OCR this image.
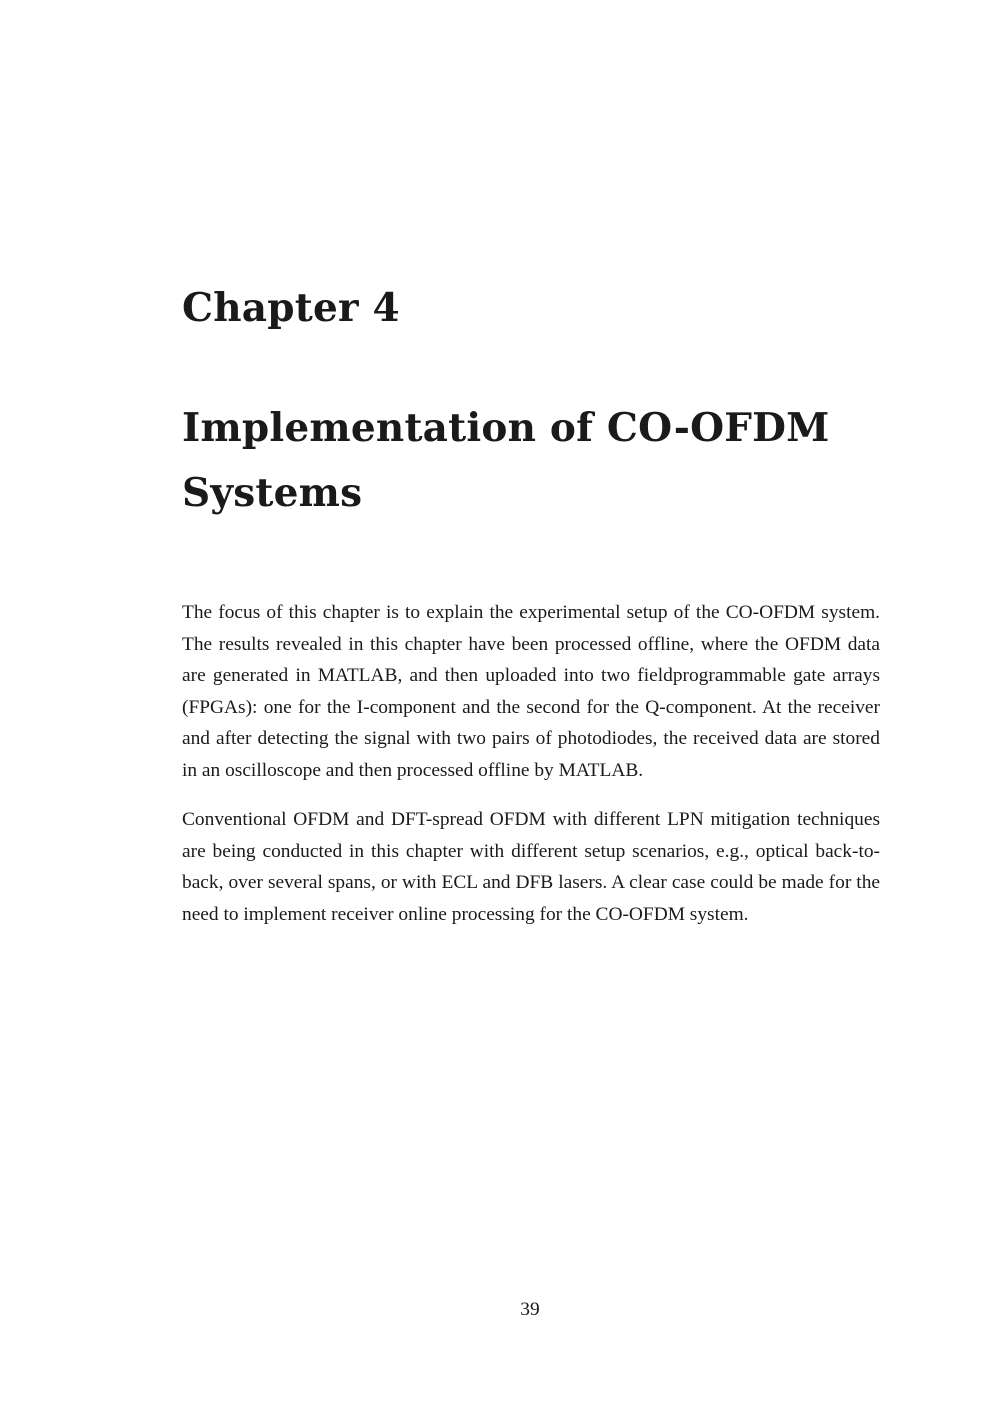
Chapter 4
Implementation of CO-OFDM Systems

The focus of this chapter is to explain the experimental setup of the CO-OFDM system. The results revealed in this chapter have been processed offline, where the OFDM data are generated in MATLAB, and then uploaded into two fieldprogrammable gate arrays (FPGAs): one for the I-component and the second for the Q-component. At the receiver and after detecting the signal with two pairs of photodiodes, the received data are stored in an oscilloscope and then processed offline by MATLAB.

Conventional OFDM and DFT-spread OFDM with different LPN mitigation techniques are being conducted in this chapter with different setup scenarios, e.g., optical back-to-back, over several spans, or with ECL and DFB lasers. A clear case could be made for the need to implement receiver online processing for the CO-OFDM system.

39
